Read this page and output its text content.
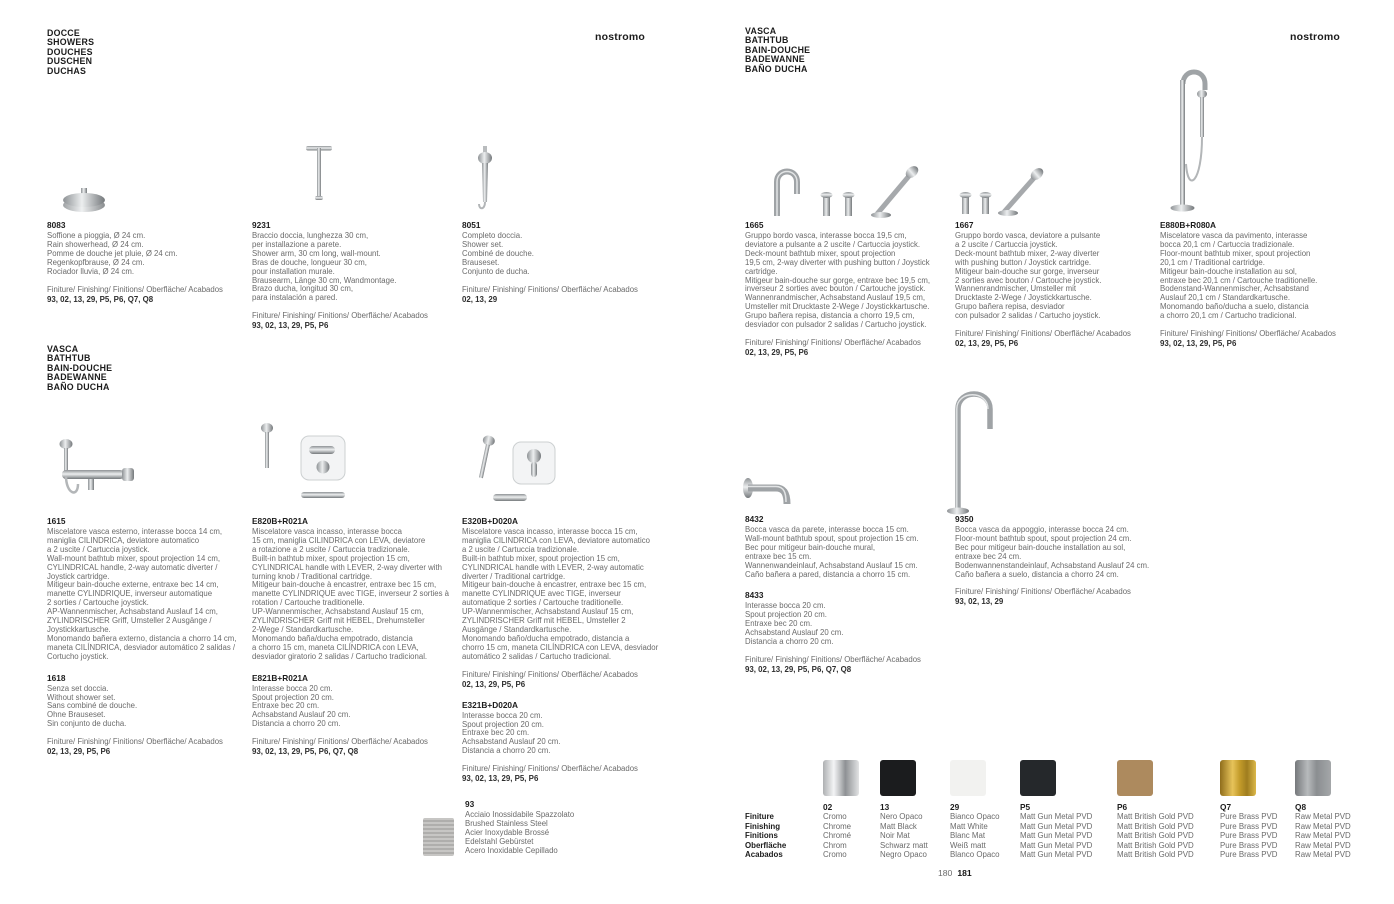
DOCCE
SHOWERS
DOUCHES
DUSCHEN
DUCHAS
nostromo
8083
Soffione a pioggia, Ø 24 cm.
Rain showerhead, Ø 24 cm.
Pomme de douche jet pluie, Ø 24 cm.
Regenkopfbrause, Ø 24 cm.
Rociador lluvia, Ø 24 cm.
Finiture/ Finishing/ Finitions/ Oberfläche/ Acabados
93, 02, 13, 29, P5, P6, Q7, Q8
9231
Braccio doccia, lunghezza 30 cm,
per installazione a parete.
Shower arm, 30 cm long, wall-mount.
Bras de douche, longueur 30 cm,
pour installation murale.
Brausearm, Länge 30 cm, Wandmontage.
Brazo ducha, longitud 30 cm,
para instalación a pared.
Finiture/ Finishing/ Finitions/ Oberfläche/ Acabados
93, 02, 13, 29, P5, P6
8051
Completo doccia.
Shower set.
Combiné de douche.
Brauseset.
Conjunto de ducha.
Finiture/ Finishing/ Finitions/ Oberfläche/ Acabados
02, 13, 29
VASCA
BATHTUB
BAIN-DOUCHE
BADEWANNE
BAÑO DUCHA
1615
Miscelatore vasca esterno, interasse bocca 14 cm,
maniglia CILINDRICA, deviatore automatico
a 2 uscite / Cartuccia joystick.
Wall-mount bathtub mixer, spout projection 14 cm,
CYLINDRICAL handle, 2-way automatic diverter /
Joystick cartridge.
Mitigeur bain-douche externe, entraxe bec 14 cm,
manette CYLINDRIQUE, inverseur automatique
2 sorties / Cartouche joystick.
AP-Wannenmischer, Achsabstand Auslauf 14 cm,
ZYLINDRISCHER Griff, Umsteller 2 Ausgänge /
Joystickkartusche.
Monomando bañera externo, distancia a chorro 14 cm,
maneta CILÍNDRICA, desviador automático 2 salidas /
Cortucho joystick.
1618
Senza set doccia.
Without shower set.
Sans combiné de douche.
Ohne Brauseset.
Sin conjunto de ducha.
Finiture/ Finishing/ Finitions/ Oberfläche/ Acabados
02, 13, 29, P5, P6
E820B+R021A
Miscelatore vasca incasso, interasse bocca
15 cm, maniglia CILINDRICA con LEVA, deviatore
a rotazione a 2 uscite / Cartuccia tradizionale.
Built-in bathtub mixer, spout projection 15 cm,
CYLINDRICAL handle with LEVER, 2-way diverter with
turning knob / Traditional cartridge.
Mitigeur bain-douche à encastrer, entraxe bec 15 cm,
manette CYLINDRIQUE avec TIGE, inverseur 2 sorties à
rotation / Cartouche traditionelle.
UP-Wannenmischer, Achsabstand Auslauf 15 cm,
ZYLINDRISCHER Griff mit HEBEL, Drehumsteller
2-Wege / Standardkartusche.
Monomando baña/ducha empotrado, distancia
a chorro 15 cm, maneta CILÍNDRICA con LEVA,
desviador giratorio 2 salidas / Cartucho tradicional.
E821B+R021A
Interasse bocca 20 cm.
Spout projection 20 cm.
Entraxe bec 20 cm.
Achsabstand Auslauf 20 cm.
Distancia a chorro 20 cm.
Finiture/ Finishing/ Finitions/ Oberfläche/ Acabados
93, 02, 13, 29, P5, P6, Q7, Q8
E320B+D020A
Miscelatore vasca incasso, interasse bocca 15 cm,
maniglia CILINDRICA con LEVA, deviatore automatico
a 2 uscite / Cartuccia tradizionale.
Built-in bathtub mixer, spout projection 15 cm,
CYLINDRICAL handle with LEVER, 2-way automatic
diverter / Traditional cartridge.
Mitigeur bain-douche à encastrer, entraxe bec 15 cm,
manette CYLINDRIQUE avec TIGE, inverseur
automatique 2 sorties / Cartouche traditionelle.
UP-Wannenmischer, Achsabstand Auslauf 15 cm,
ZYLINDRISCHER Griff mit HEBEL, Umsteller 2
Ausgänge / Standardkartusche.
Monomando baño/ducha empotrado, distancia a
chorro 15 cm, maneta CILÍNDRICA con LEVA, desviador
automático 2 salidas / Cartucho tradicional.
Finiture/ Finishing/ Finitions/ Oberfläche/ Acabados
02, 13, 29, P5, P6
E321B+D020A
Interasse bocca 20 cm.
Spout projection 20 cm.
Entraxe bec 20 cm.
Achsabstand Auslauf 20 cm.
Distancia a chorro 20 cm.
Finiture/ Finishing/ Finitions/ Oberfläche/ Acabados
93, 02, 13, 29, P5, P6
93
Acciaio Inossidabile Spazzolato
Brushed Stainless Steel
Acier Inoxydable Brossé
Edelstahl Gebürstet
Acero Inoxidable Cepillado
VASCA
BATHTUB
BAIN-DOUCHE
BADEWANNE
BAÑO DUCHA
nostromo
1665
Gruppo bordo vasca, interasse bocca 19,5 cm,
deviatore a pulsante a 2 uscite / Cartuccia joystick.
Deck-mount bathtub mixer, spout projection
19,5 cm, 2-way diverter with pushing button / Joystick
cartridge.
Mitigeur bain-douche sur gorge, entraxe bec 19,5 cm,
inverseur 2 sorties avec bouton / Cartouche joystick.
Wannenrandmischer, Achsabstand Auslauf 19,5 cm,
Umsteller mit Drucktaste 2-Wege / Joystickkartusche.
Grupo bañera repisa, distancia a chorro 19,5 cm,
desviador con pulsador 2 salidas / Cartucho joystick.
Finiture/ Finishing/ Finitions/ Oberfläche/ Acabados
02, 13, 29, P5, P6
1667
Gruppo bordo vasca, deviatore a pulsante
a 2 uscite / Cartuccia joystick.
Deck-mount bathtub mixer, 2-way diverter
with pushing button / Joystick cartridge.
Mitigeur bain-douche sur gorge, inverseur
2 sorties avec bouton / Cartouche joystick.
Wannenrandmischer, Umsteller mit
Drucktaste 2-Wege / Joystickkartusche.
Grupo bañera repisa, desviador
con pulsador 2 salidas / Cartucho joystick.
Finiture/ Finishing/ Finitions/ Oberfläche/ Acabados
02, 13, 29, P5, P6
E880B+R080A
Miscelatore vasca da pavimento, interasse
bocca 20,1 cm / Cartuccia tradizionale.
Floor-mount bathtub mixer, spout projection
20,1 cm / Traditional cartridge.
Mitigeur bain-douche installation au sol,
entraxe bec 20,1 cm / Cartouche traditionelle.
Bodenstand-Wannenmischer, Achsabstand
Auslauf 20,1 cm / Standardkartusche.
Monomando baño/ducha a suelo, distancia
a chorro 20,1 cm / Cartucho tradicional.
Finiture/ Finishing/ Finitions/ Oberfläche/ Acabados
93, 02, 13, 29, P5, P6
8432
Bocca vasca da parete, interasse bocca 15 cm.
Wall-mount bathtub spout, spout projection 15 cm.
Bec pour mitigeur bain-douche mural,
entraxe bec 15 cm.
Wannenwandeinlauf, Achsabstand Auslauf 15 cm.
Caño bañera a pared, distancia a chorro 15 cm.
8433
Interasse bocca 20 cm.
Spout projection 20 cm.
Entraxe bec 20 cm.
Achsabstand Auslauf 20 cm.
Distancia a chorro 20 cm.
Finiture/ Finishing/ Finitions/ Oberfläche/ Acabados
93, 02, 13, 29, P5, P6, Q7, Q8
9350
Bocca vasca da appoggio, interasse bocca 24 cm.
Floor-mount bathtub spout, spout projection 24 cm.
Bec pour mitigeur bain-douche installation au sol,
entraxe bec 24 cm.
Bodenwannenstandeinlauf, Achsabstand Auslauf 24 cm.
Caño bañera a suelo, distancia a chorro 24 cm.
Finiture/ Finishing/ Finitions/ Oberfläche/ Acabados
93, 02, 13, 29
Finiture
Finishing
Finitions
Oberfläche
Acabados
02
Cromo
Chrome
Chromé
Chrom
Cromo
13
Nero Opaco
Matt Black
Noir Mat
Schwarz matt
Negro Opaco
29
Bianco Opaco
Matt White
Blanc Mat
Weiß matt
Blanco Opaco
P5
Matt Gun Metal PVD
Matt Gun Metal PVD
Matt Gun Metal PVD
Matt Gun Metal PVD
Matt Gun Metal PVD
P6
Matt British Gold PVD
Matt British Gold PVD
Matt British Gold PVD
Matt British Gold PVD
Matt British Gold PVD
Q7
Pure Brass PVD
Pure Brass PVD
Pure Brass PVD
Pure Brass PVD
Pure Brass PVD
Q8
Raw Metal PVD
Raw Metal PVD
Raw Metal PVD
Raw Metal PVD
Raw Metal PVD
180 181
